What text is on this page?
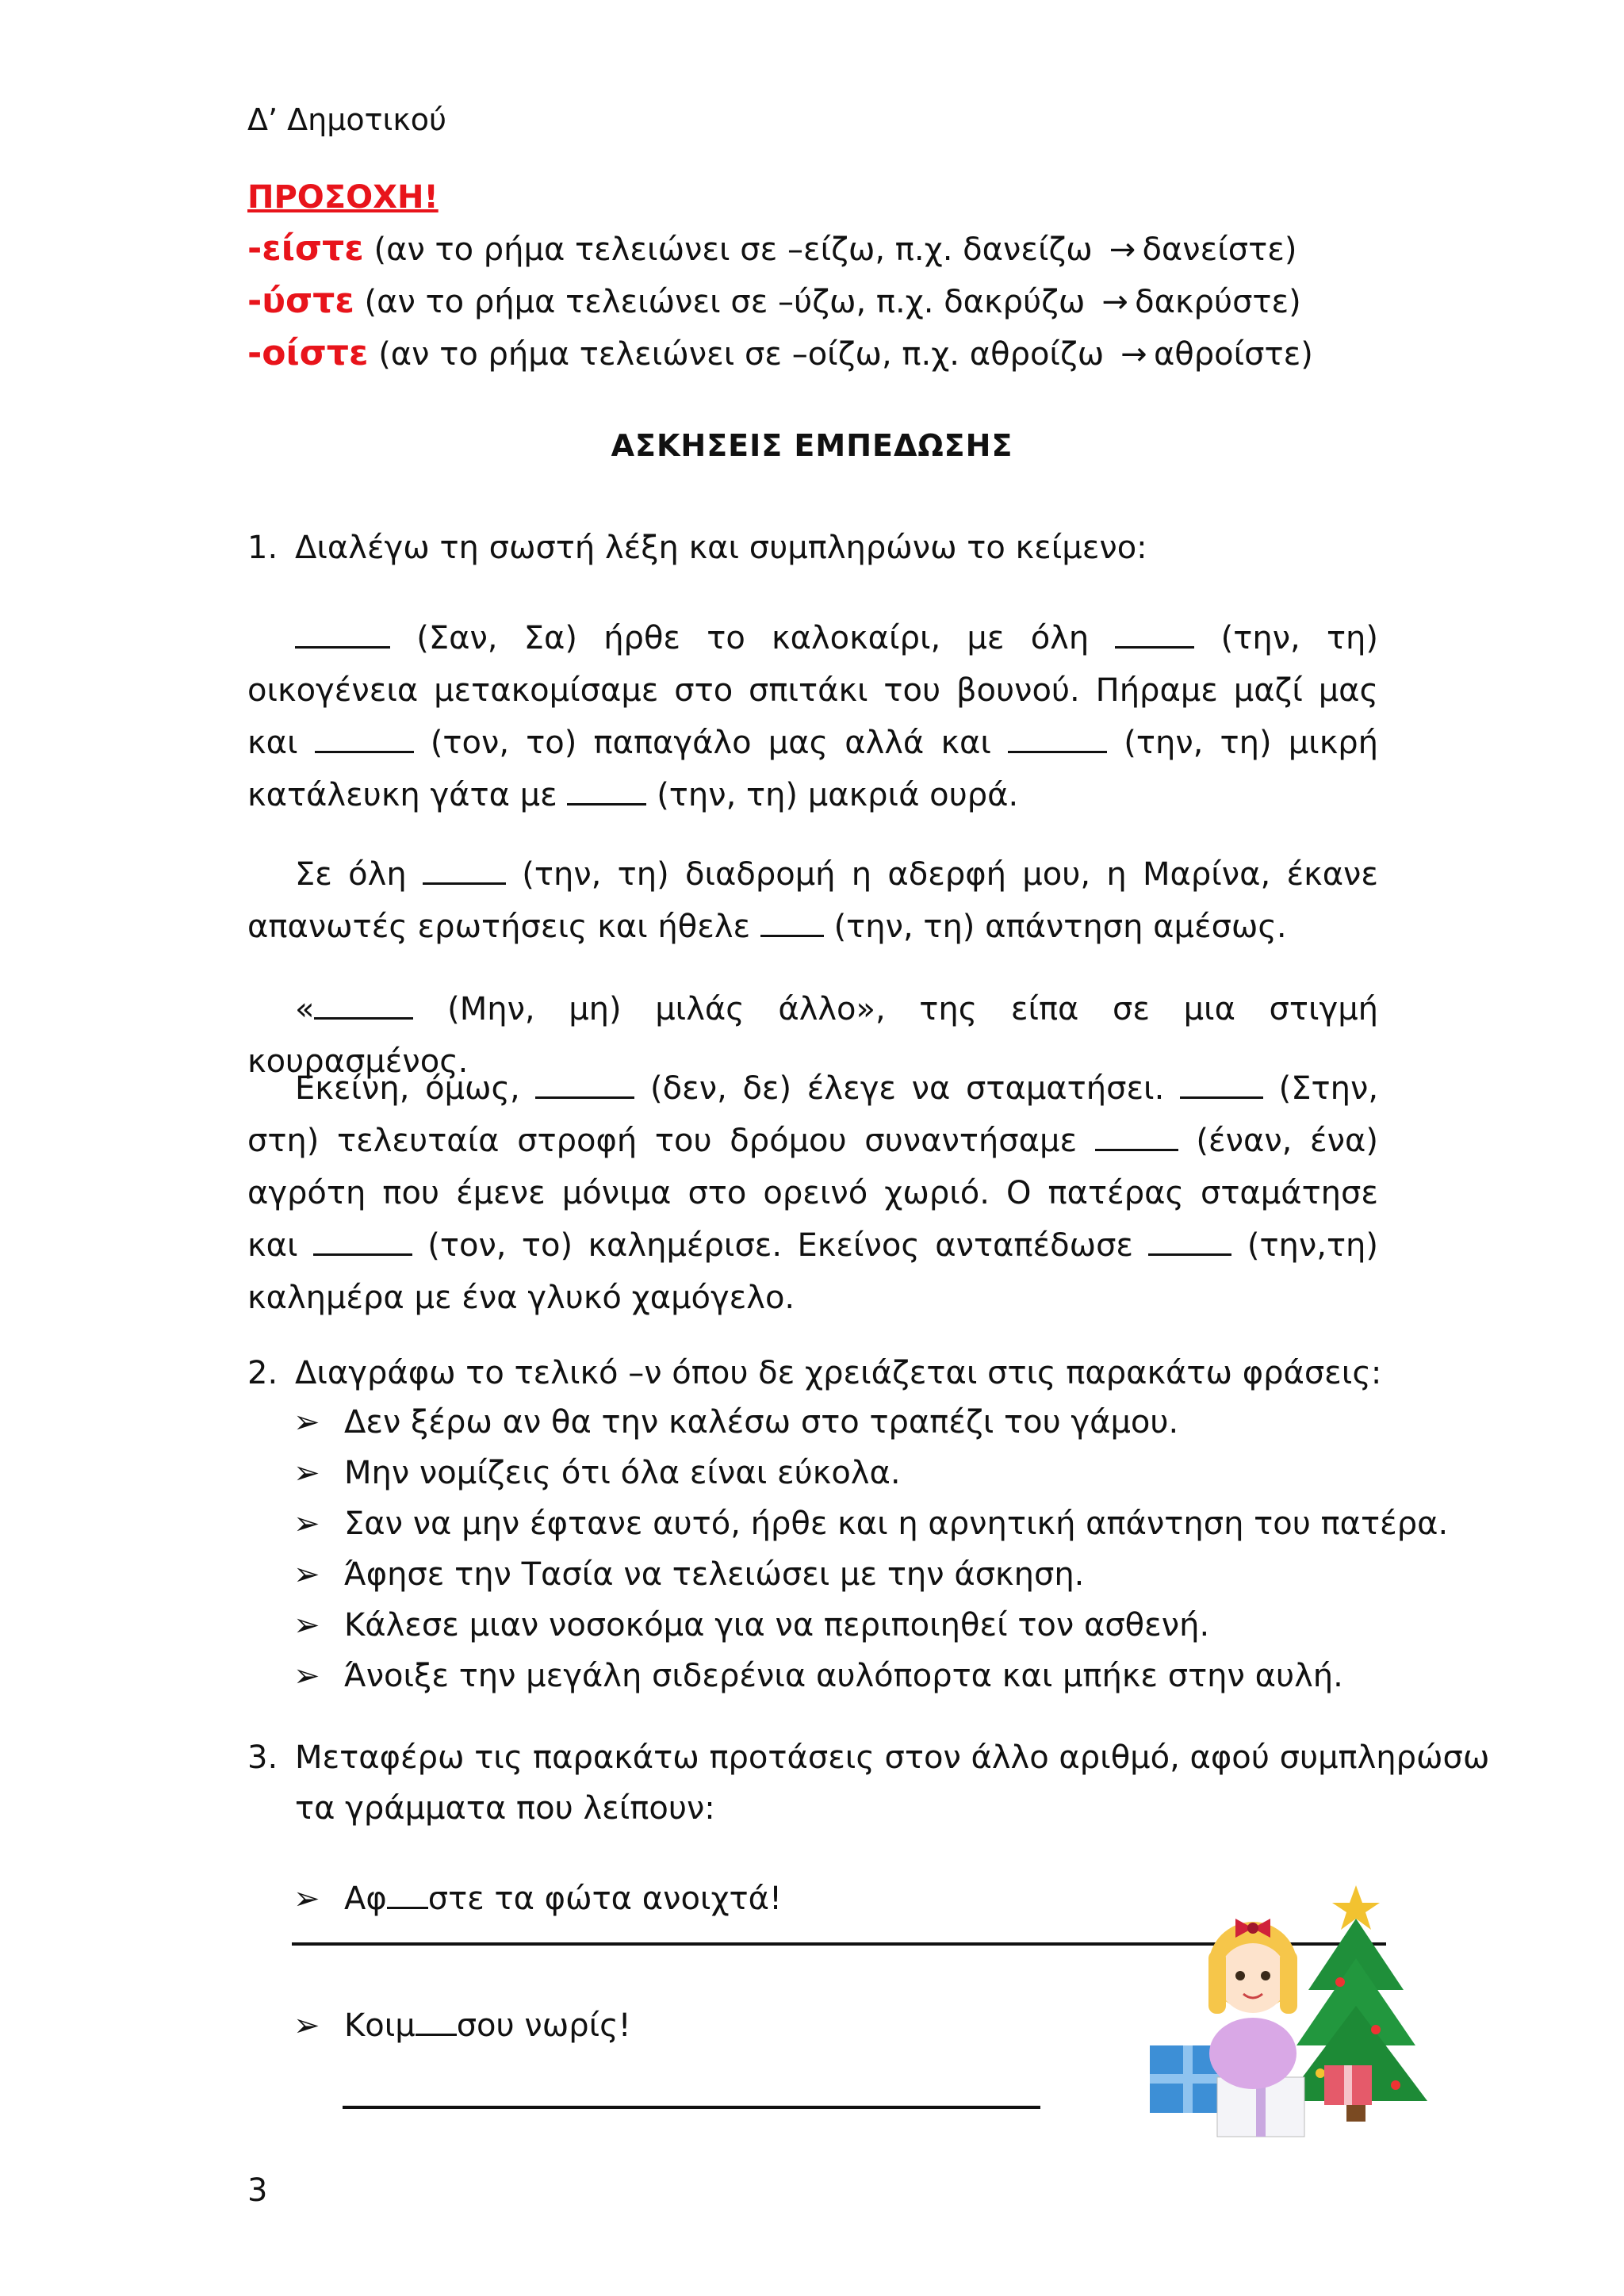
Δ’ Δημοτικού
ΠΡΟΣΟΧΗ!
-είστε (αν το ρήμα τελειώνει σε –είζω, π.χ. δανείζω → δανείστε)
-ύστε (αν το ρήμα τελειώνει σε –ύζω, π.χ. δακρύζω → δακρύστε)
-οίστε (αν το ρήμα τελειώνει σε –οίζω, π.χ. αθροίζω → αθροίστε)
ΑΣΚΗΣΕΙΣ ΕΜΠΕΔΩΣΗΣ
1. Διαλέγω τη σωστή λέξη και συμπληρώνω το κείμενο:

(Σαν, Σα) ήρθε το καλοκαίρι, με όλη	(την, τη) οικογένεια μετακομίσαμε στο σπιτάκι του βουνού. Πήραμε μαζί μας και	(τον, το) παπαγάλο μας αλλά και	(την, τη) μικρή κατάλευκη γάτα με	(την, τη) μακριά ουρά.

Σε όλη	(την, τη) διαδρομή η αδερφή μου, η Μαρίνα, έκανε απανωτές ερωτήσεις και ήθελε	(την, τη) απάντηση αμέσως.

«	(Μην, μη) μιλάς άλλο», της είπα σε μια στιγμή κουρασμένος.

Εκείνη, όμως,	(δεν, δε) έλεγε να σταματήσει.	(Στην, στη) τελευταία στροφή του δρόμου συναντήσαμε	(έναν, ένα) αγρότη που έμενε μόνιμα στο ορεινό χωριό. Ο πατέρας σταμάτησε και	(τον, το) καλημέρισε. Εκείνος ανταπέδωσε	(την,τη) καλημέρα με ένα γλυκό χαμόγελο.

2. Διαγράφω το τελικό –ν όπου δε χρειάζεται στις παρακάτω φράσεις:
➢ Δεν ξέρω αν θα την καλέσω στο τραπέζι του γάμου.
➢ Μην νομίζεις ότι όλα είναι εύκολα.
➢ Σαν να μην έφτανε αυτό, ήρθε και η αρνητική απάντηση του πατέρα.
➢ Άφησε την Τασία να τελειώσει με την άσκηση.
➢ Κάλεσε μιαν νοσοκόμα για να περιποιηθεί τον ασθενή.
➢ Άνοιξε την μεγάλη σιδερένια αυλόπορτα και μπήκε στην αυλή.
3. Μεταφέρω τις παρακάτω προτάσεις στον άλλο αριθμό, αφού συμπληρώσω
τα γράμματα που λείπουν:
➢ Αφ στε τα φώτα ανοιχτά!
➢ Κοιμ σου νωρίς!
3
